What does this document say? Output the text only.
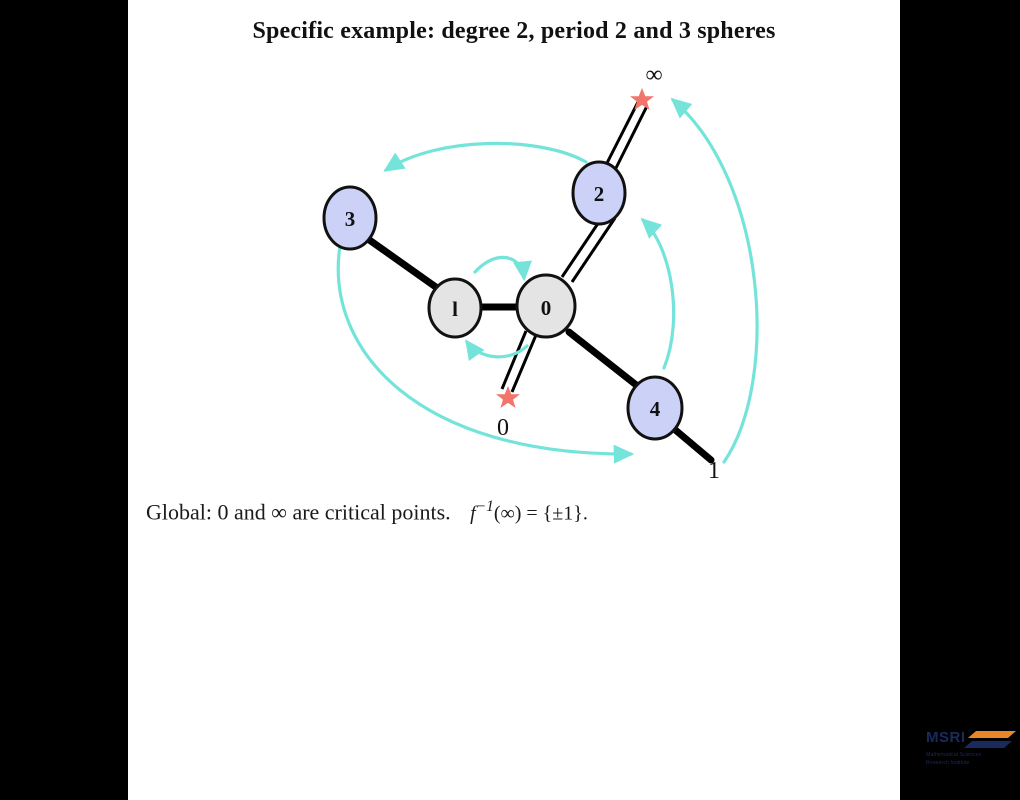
Specific example: degree 2, period 2 and 3 spheres
3
l	0
2
4
∞
0
1
Global: 0 and ∞ are critical points. $f^{-1}(\infty) = \{\pm 1\}$.
MSRI
Mathematical Sciences
Research Institute
